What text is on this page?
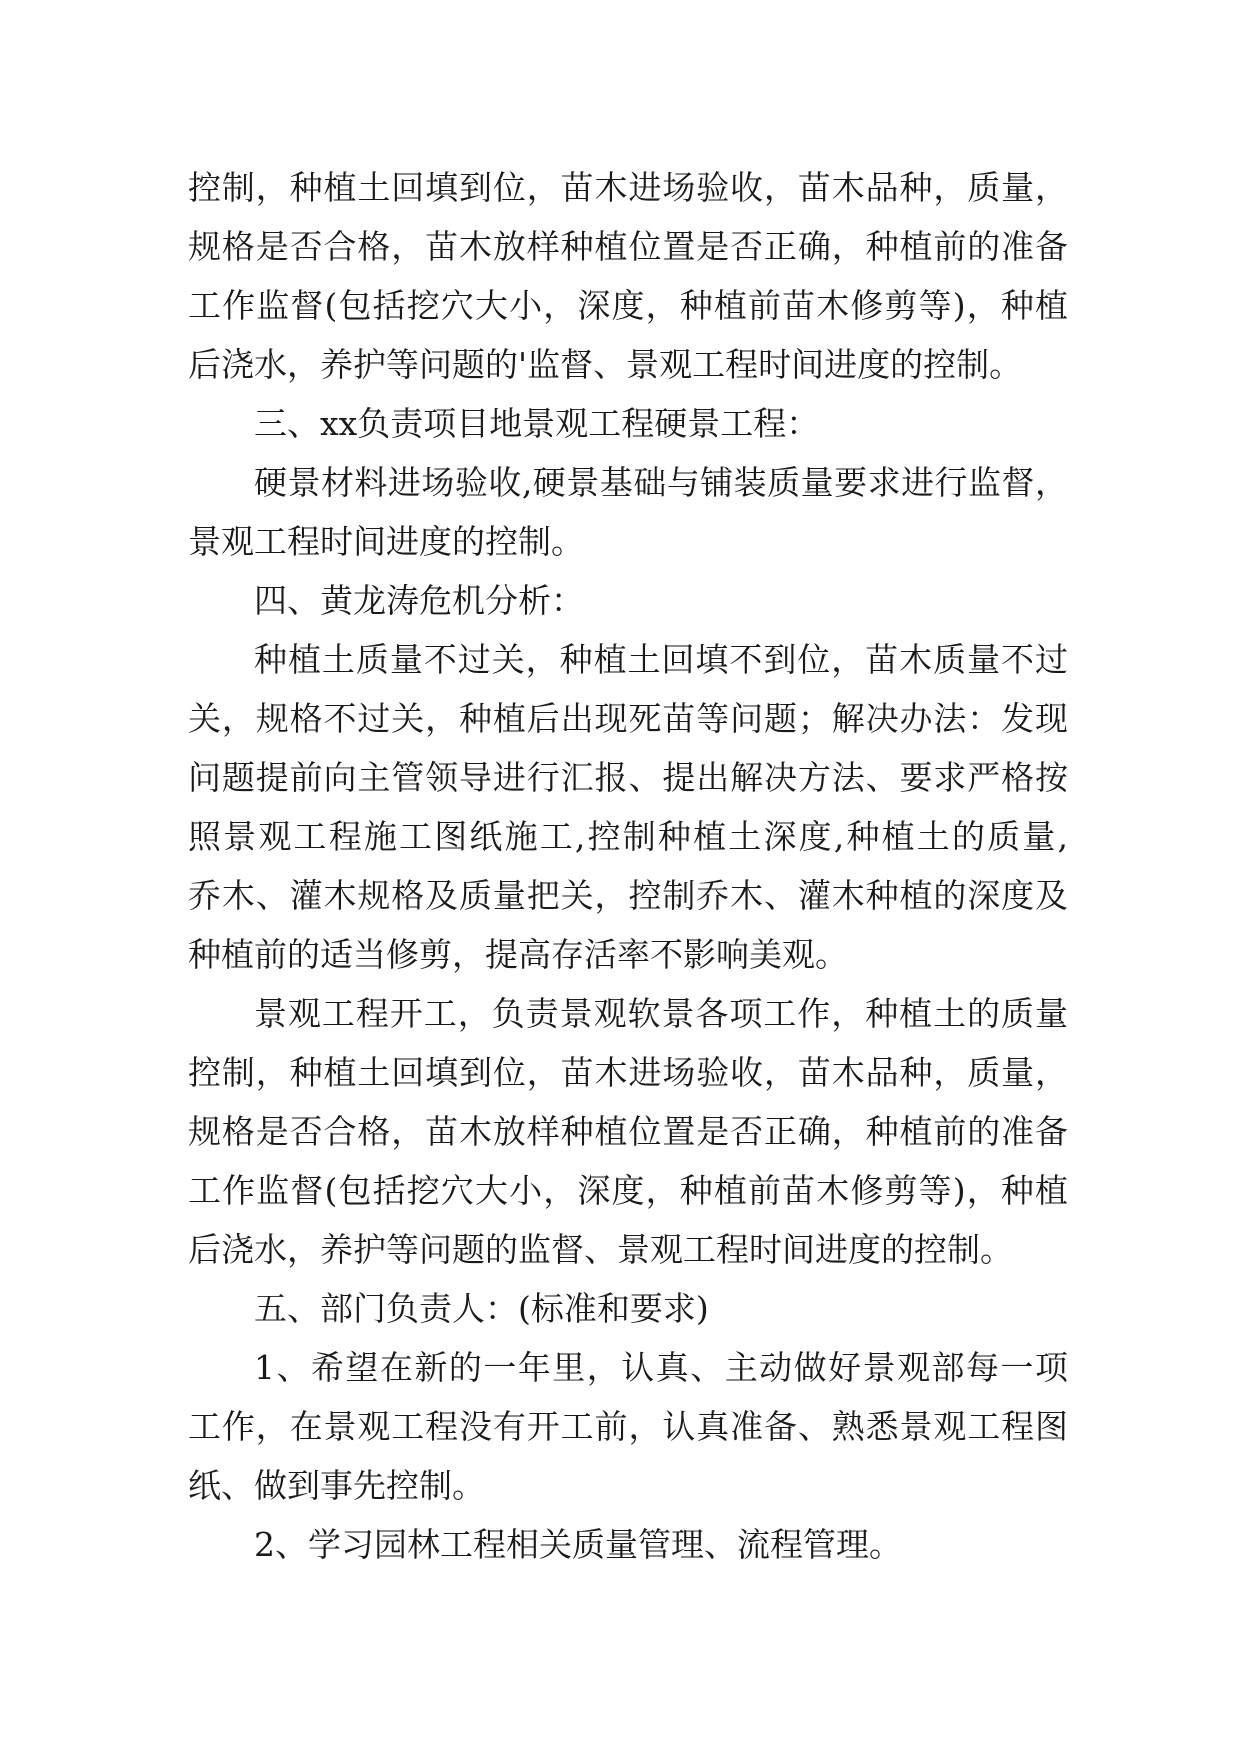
控制，种植土回填到位，苗木进场验收，苗木品种，质量，
规格是否合格，苗木放样种植位置是否正确，种植前的准备
工作监督(包括挖穴大小，深度，种植前苗木修剪等)，种植
后浇水，养护等问题的'监督、景观工程时间进度的控制。
三、xx负责项目地景观工程硬景工程：
硬景材料进场验收,硬景基础与铺装质量要求进行监督，
景观工程时间进度的控制。
四、黄龙涛危机分析：
种植土质量不过关，种植土回填不到位，苗木质量不过
关，规格不过关，种植后出现死苗等问题；解决办法：发现
问题提前向主管领导进行汇报、提出解决方法、要求严格按
照景观工程施工图纸施工,控制种植土深度,种植土的质量,
乔木、灌木规格及质量把关，控制乔木、灌木种植的深度及
种植前的适当修剪，提高存活率不影响美观。
景观工程开工，负责景观软景各项工作，种植土的质量
控制，种植土回填到位，苗木进场验收，苗木品种，质量，
规格是否合格，苗木放样种植位置是否正确，种植前的准备
工作监督(包括挖穴大小，深度，种植前苗木修剪等)，种植
后浇水，养护等问题的监督、景观工程时间进度的控制。
五、部门负责人：(标准和要求)
1、希望在新的一年里，认真、主动做好景观部每一项
工作，在景观工程没有开工前，认真准备、熟悉景观工程图
纸、做到事先控制。
2、学习园林工程相关质量管理、流程管理。
